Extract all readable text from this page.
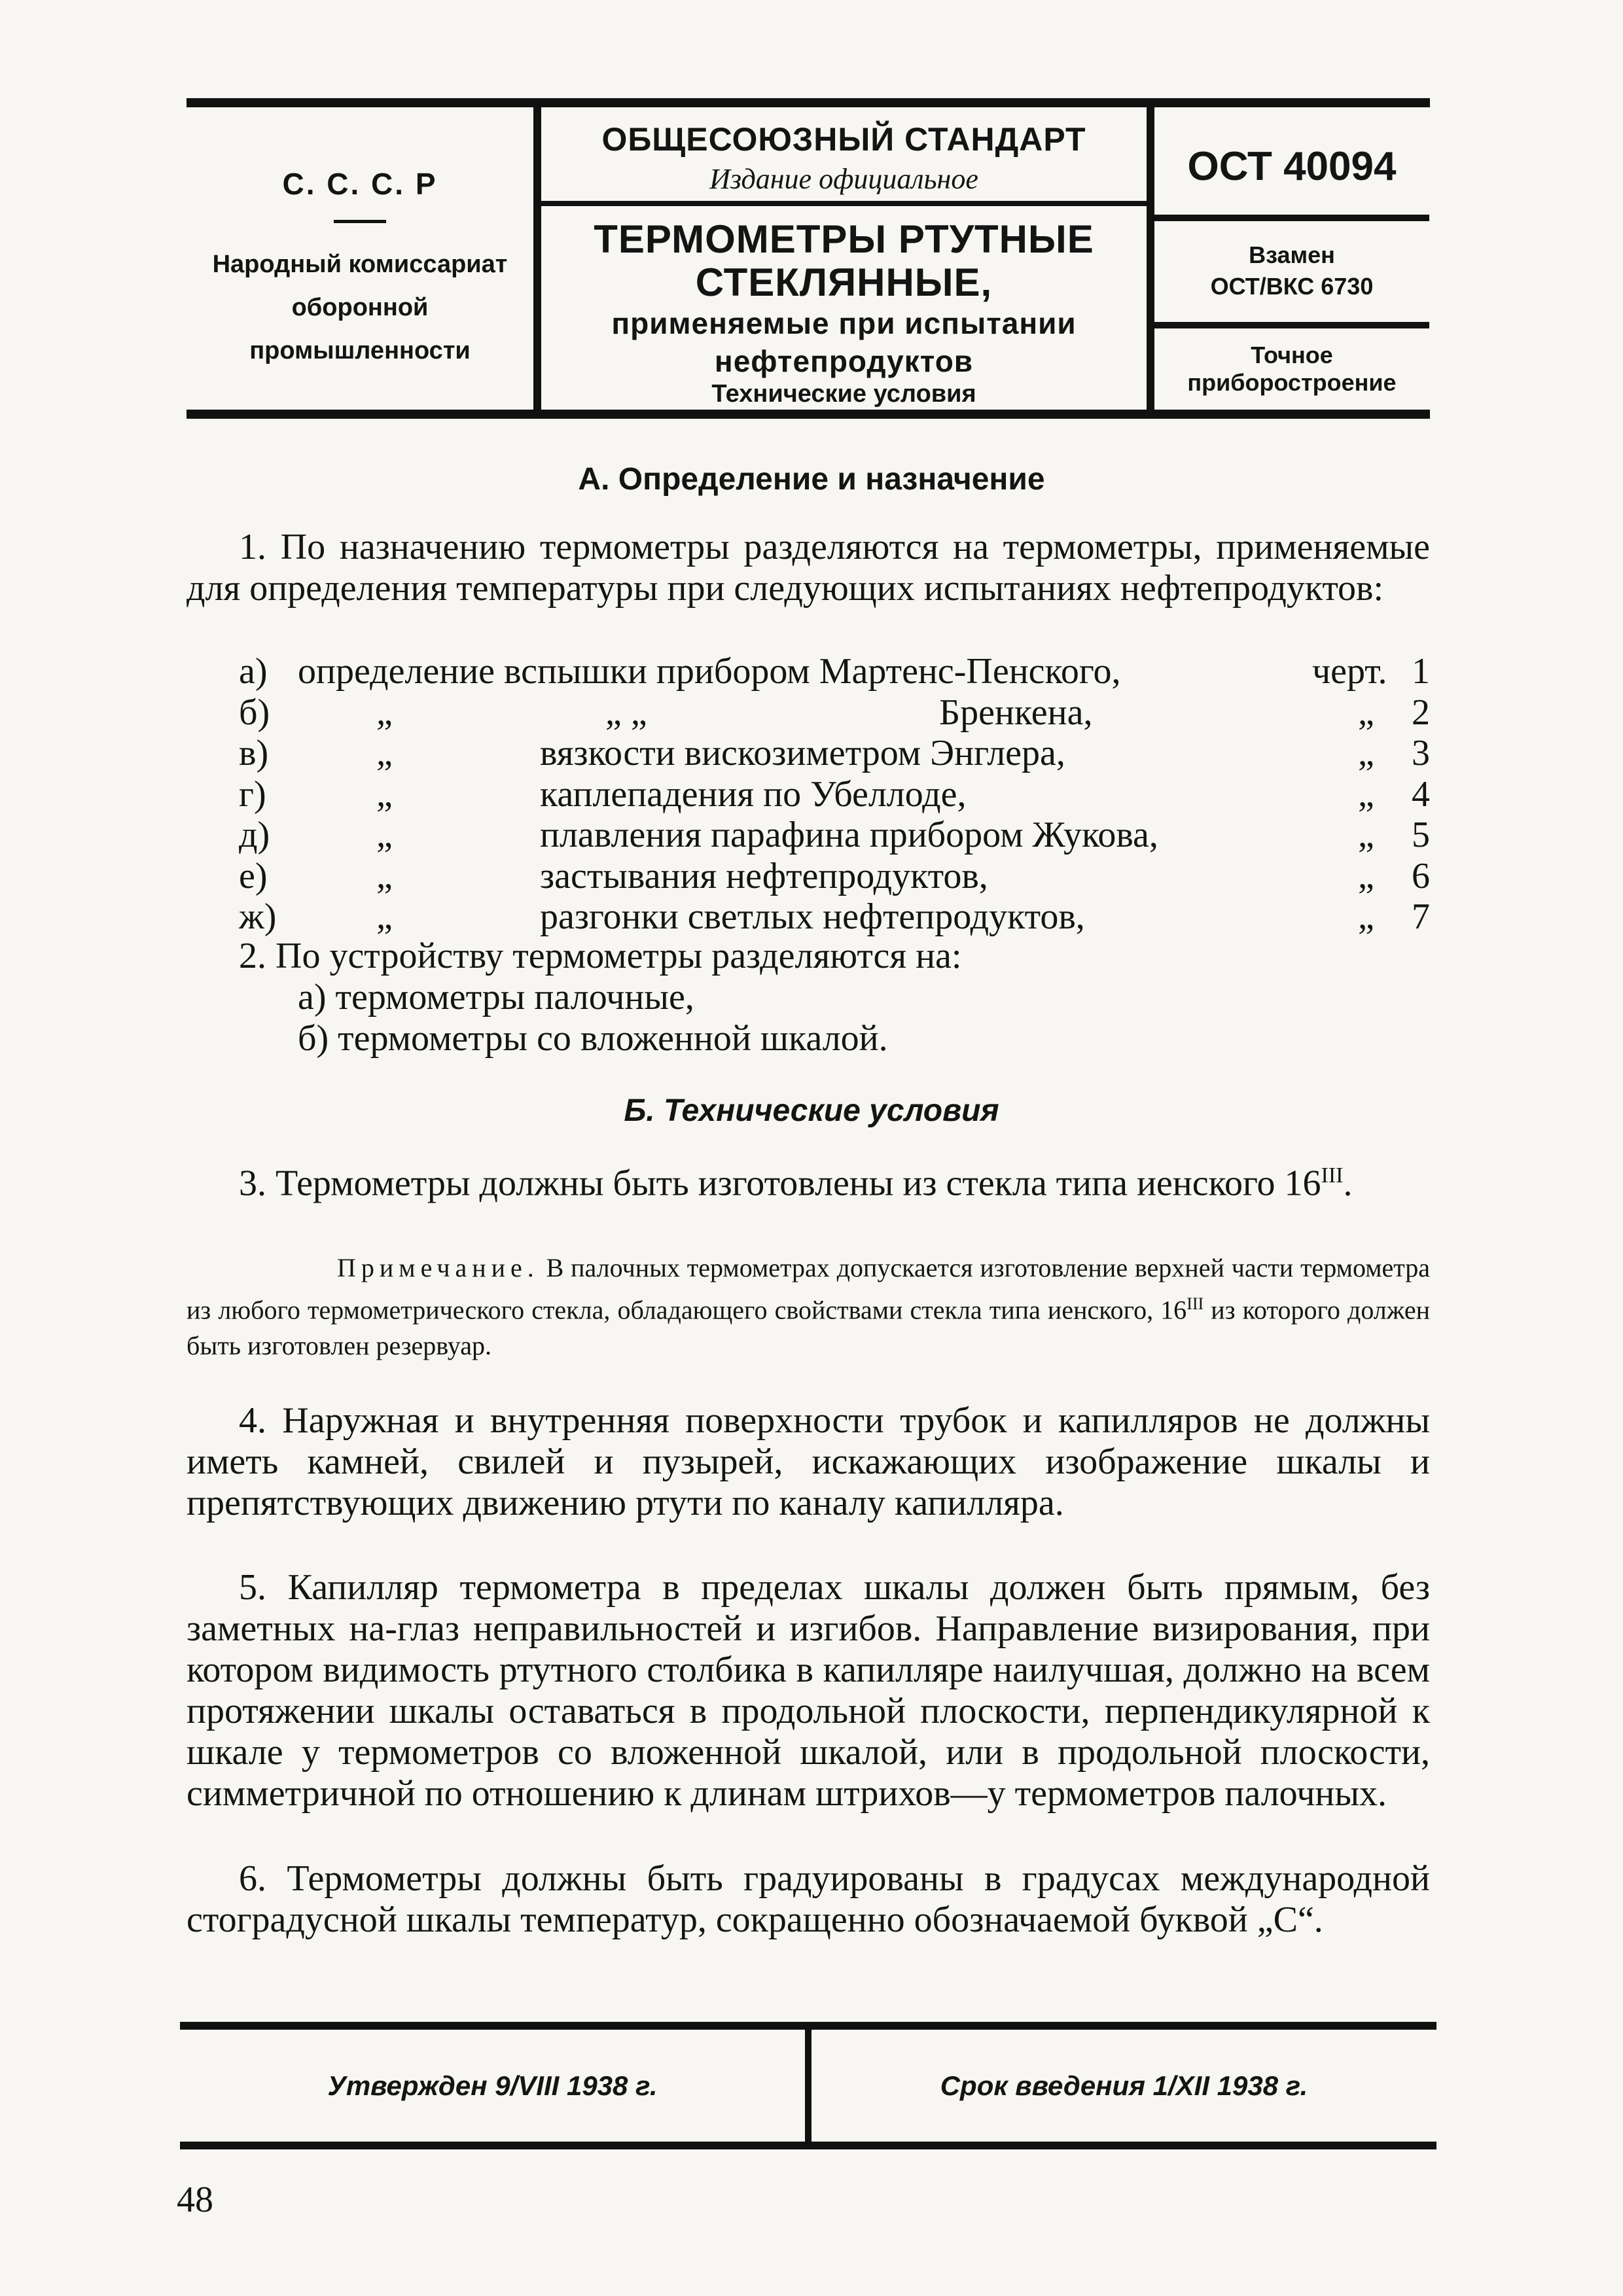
С. С. С. Р
Народный комиссариат
оборонной
промышленности
ОБЩЕСОЮЗНЫЙ СТАНДАРТ
Издание официальное
ТЕРМОМЕТРЫ РТУТНЫЕ
СТЕКЛЯННЫЕ,
применяемые при испытании
нефтепродуктов
Технические условия
ОСТ 40094
Взамен
ОСТ/ВКС 6730
Точное
приборостроение
А. Определение и назначение
1. По назначению термометры разделяются на термометры, применяемые для определения температуры при следующих испытаниях нефтепродуктов:
а) определение вспышки прибором Мартенс-Пенского,	черт. 1
б)	„	„ „	Бренкена,	„ 2
в)	„	вязкости вискозиметром Энглера,	„ 3
г)	„	каплепадения по Убеллоде,	„ 4
д)	„	плавления парафина прибором Жукова,	„ 5
е)	„	застывания нефтепродуктов,	„ 6
ж)	„	разгонки светлых нефтепродуктов,	„ 7
2. По устройству термометры разделяются на:
а) термометры палочные,
б) термометры со вложенной шкалой.
Б. Технические условия
3. Термометры должны быть изготовлены из стекла типа иенского $16^{III}$.
Примечание. В палочных термометрах допускается изготовление верхней части термометра из любого термометрического стекла, обладающего свойствами стекла типа иенского, $16^{III}$ из которого должен быть изготовлен резервуар.
4. Наружная и внутренняя поверхности трубок и капилляров не должны иметь камней, свилей и пузырей, искажающих изображение шкалы и препятствующих движению ртути по каналу капилляра.
5. Капилляр термометра в пределах шкалы должен быть прямым, без заметных на-глаз неправильностей и изгибов. Направление визирования, при котором видимость ртутного столбика в капилляре наилучшая, должно на всем протяжении шкалы оставаться в продольной плоскости, перпендикулярной к шкале у термометров со вложенной шкалой, или в продольной плоскости, симметричной по отношению к длинам штрихов—у термометров палочных.
6. Термометры должны быть градуированы в градусах международной стоградусной шкалы температур, сокращенно обозначаемой буквой „С“.
Утвержден 9/VIII 1938 г.	Срок введения 1/XII 1938 г.
48
